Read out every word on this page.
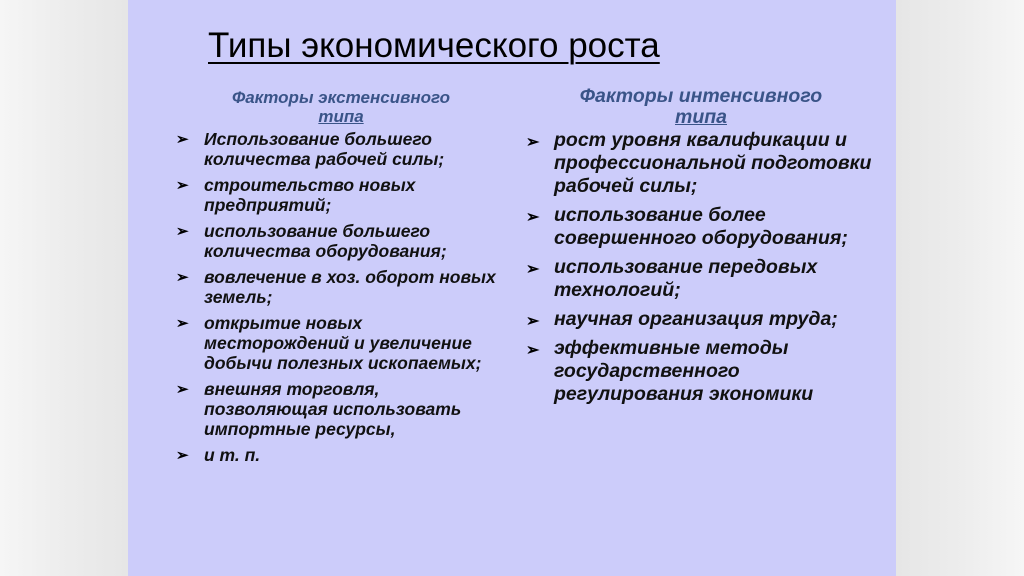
Типы экономического роста
Факторы экстенсивного
типа
➢ Использование большего количества рабочей силы;
➢ строительство новых предприятий;
➢ использование большего количества оборудования;
➢ вовлечение в хоз. оборот новых земель;
➢ открытие новых месторождений и увеличение добычи полезных ископаемых;
➢ внешняя торговля, позволяющая использовать импортные ресурсы,
➢ и т. п.
Факторы интенсивного
типа
➢ рост уровня квалификации и профессиональной подготовки рабочей силы;
➢ использование более совершенного оборудования;
➢ использование передовых технологий;
➢ научная организация труда;
➢ эффективные методы государственного регулирования экономики
